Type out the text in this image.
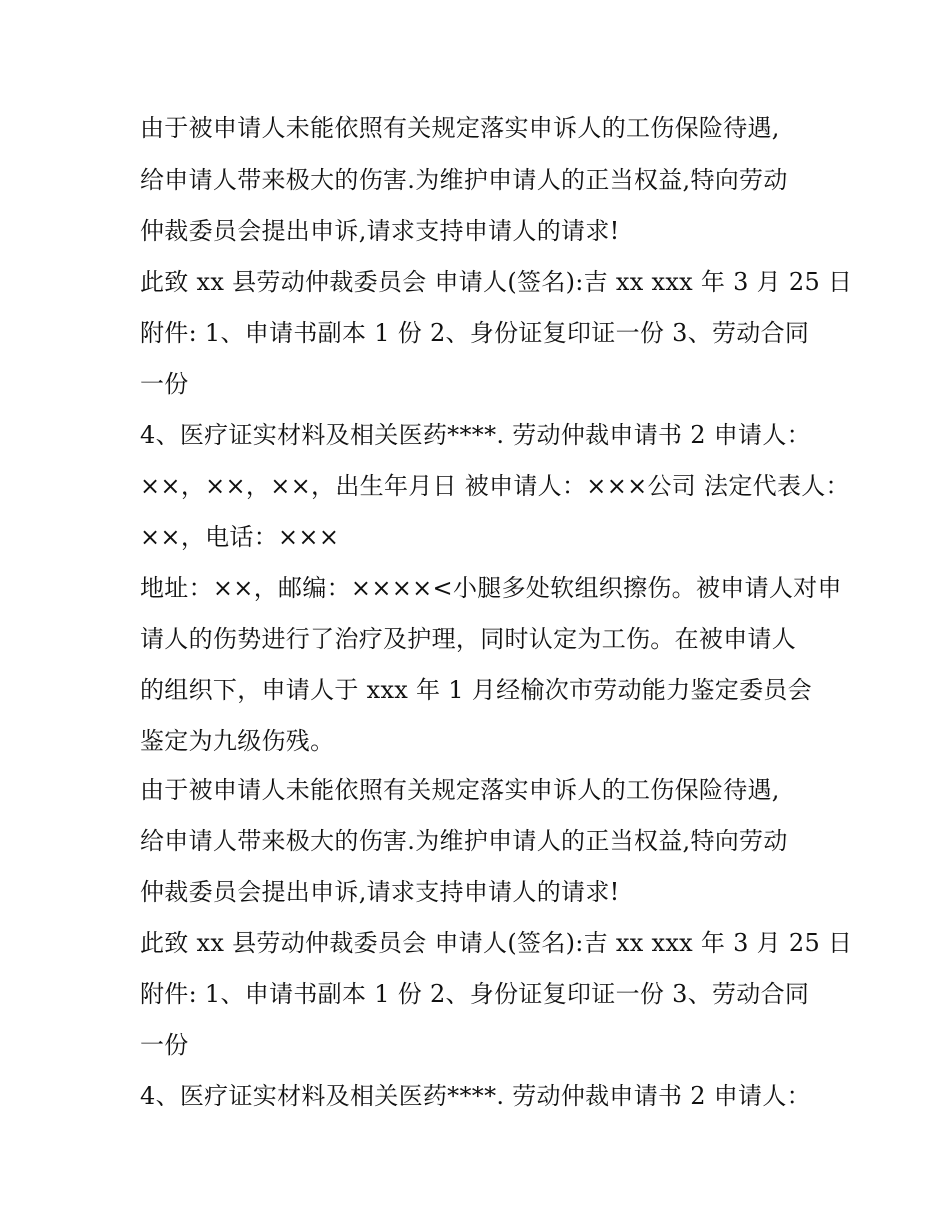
由于被申请人未能依照有关规定落实申诉人的工伤保险待遇,
给申请人带来极大的伤害.为维护申请人的正当权益,特向劳动
仲裁委员会提出申诉,请求支持申请人的请求!
此致 xx 县劳动仲裁委员会 申请人(签名):吉 xx xxx 年 3 月 25 日
附件: 1、申请书副本 1 份 2、身份证复印证一份 3、劳动合同
一份
4、医疗证实材料及相关医药****. 劳动仲裁申请书 2 申请人：
××，××，××，出生年月日 被申请人：×××公司 法定代表人：
××，电话：×××
地址：××，邮编：××××<小腿多处软组织擦伤。被申请人对申
请人的伤势进行了治疗及护理，同时认定为工伤。在被申请人
的组织下，申请人于 xxx 年 1 月经榆次市劳动能力鉴定委员会
鉴定为九级伤残。
由于被申请人未能依照有关规定落实申诉人的工伤保险待遇,
给申请人带来极大的伤害.为维护申请人的正当权益,特向劳动
仲裁委员会提出申诉,请求支持申请人的请求!
此致 xx 县劳动仲裁委员会 申请人(签名):吉 xx xxx 年 3 月 25 日
附件: 1、申请书副本 1 份 2、身份证复印证一份 3、劳动合同
一份
4、医疗证实材料及相关医药****. 劳动仲裁申请书 2 申请人：
